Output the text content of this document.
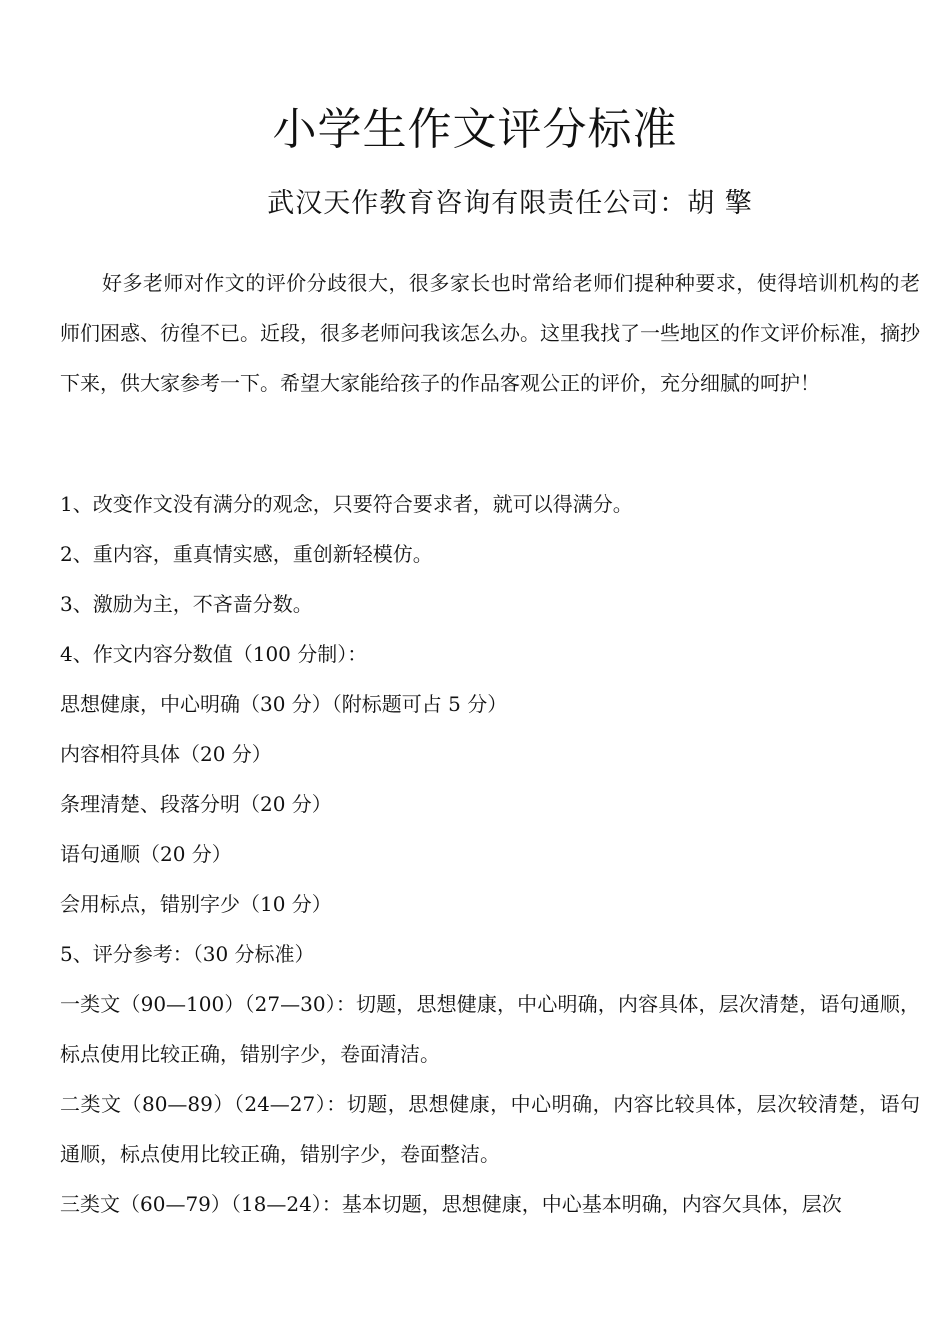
小学生作文评分标准
武汉天作教育咨询有限责任公司：胡 擎

好多老师对作文的评价分歧很大，很多家长也时常给老师们提种种要求，使得培训机构的老师们困惑、彷徨不已。近段，很多老师问我该怎么办。这里我找了一些地区的作文评价标准，摘抄下来，供大家参考一下。希望大家能给孩子的作品客观公正的评价，充分细腻的呵护！

1、改变作文没有满分的观念，只要符合要求者，就可以得满分。

2、重内容，重真情实感，重创新轻模仿。

3、激励为主，不吝啬分数。

4、作文内容分数值（100 分制）：

思想健康，中心明确（30 分）（附标题可占 5 分）

内容相符具体（20 分）

条理清楚、段落分明（20 分）

语句通顺（20 分）

会用标点，错别字少（10 分）

5、评分参考：（30 分标准）

一类文（90—100）（27—30）：切题，思想健康，中心明确，内容具体，层次清楚，语句通顺，标点使用比较正确，错别字少，卷面清洁。

二类文（80—89）（24—27）：切题，思想健康，中心明确，内容比较具体，层次较清楚，语句通顺，标点使用比较正确，错别字少，卷面整洁。

三类文（60—79）（18—24）：基本切题，思想健康，中心基本明确，内容欠具体，层次
